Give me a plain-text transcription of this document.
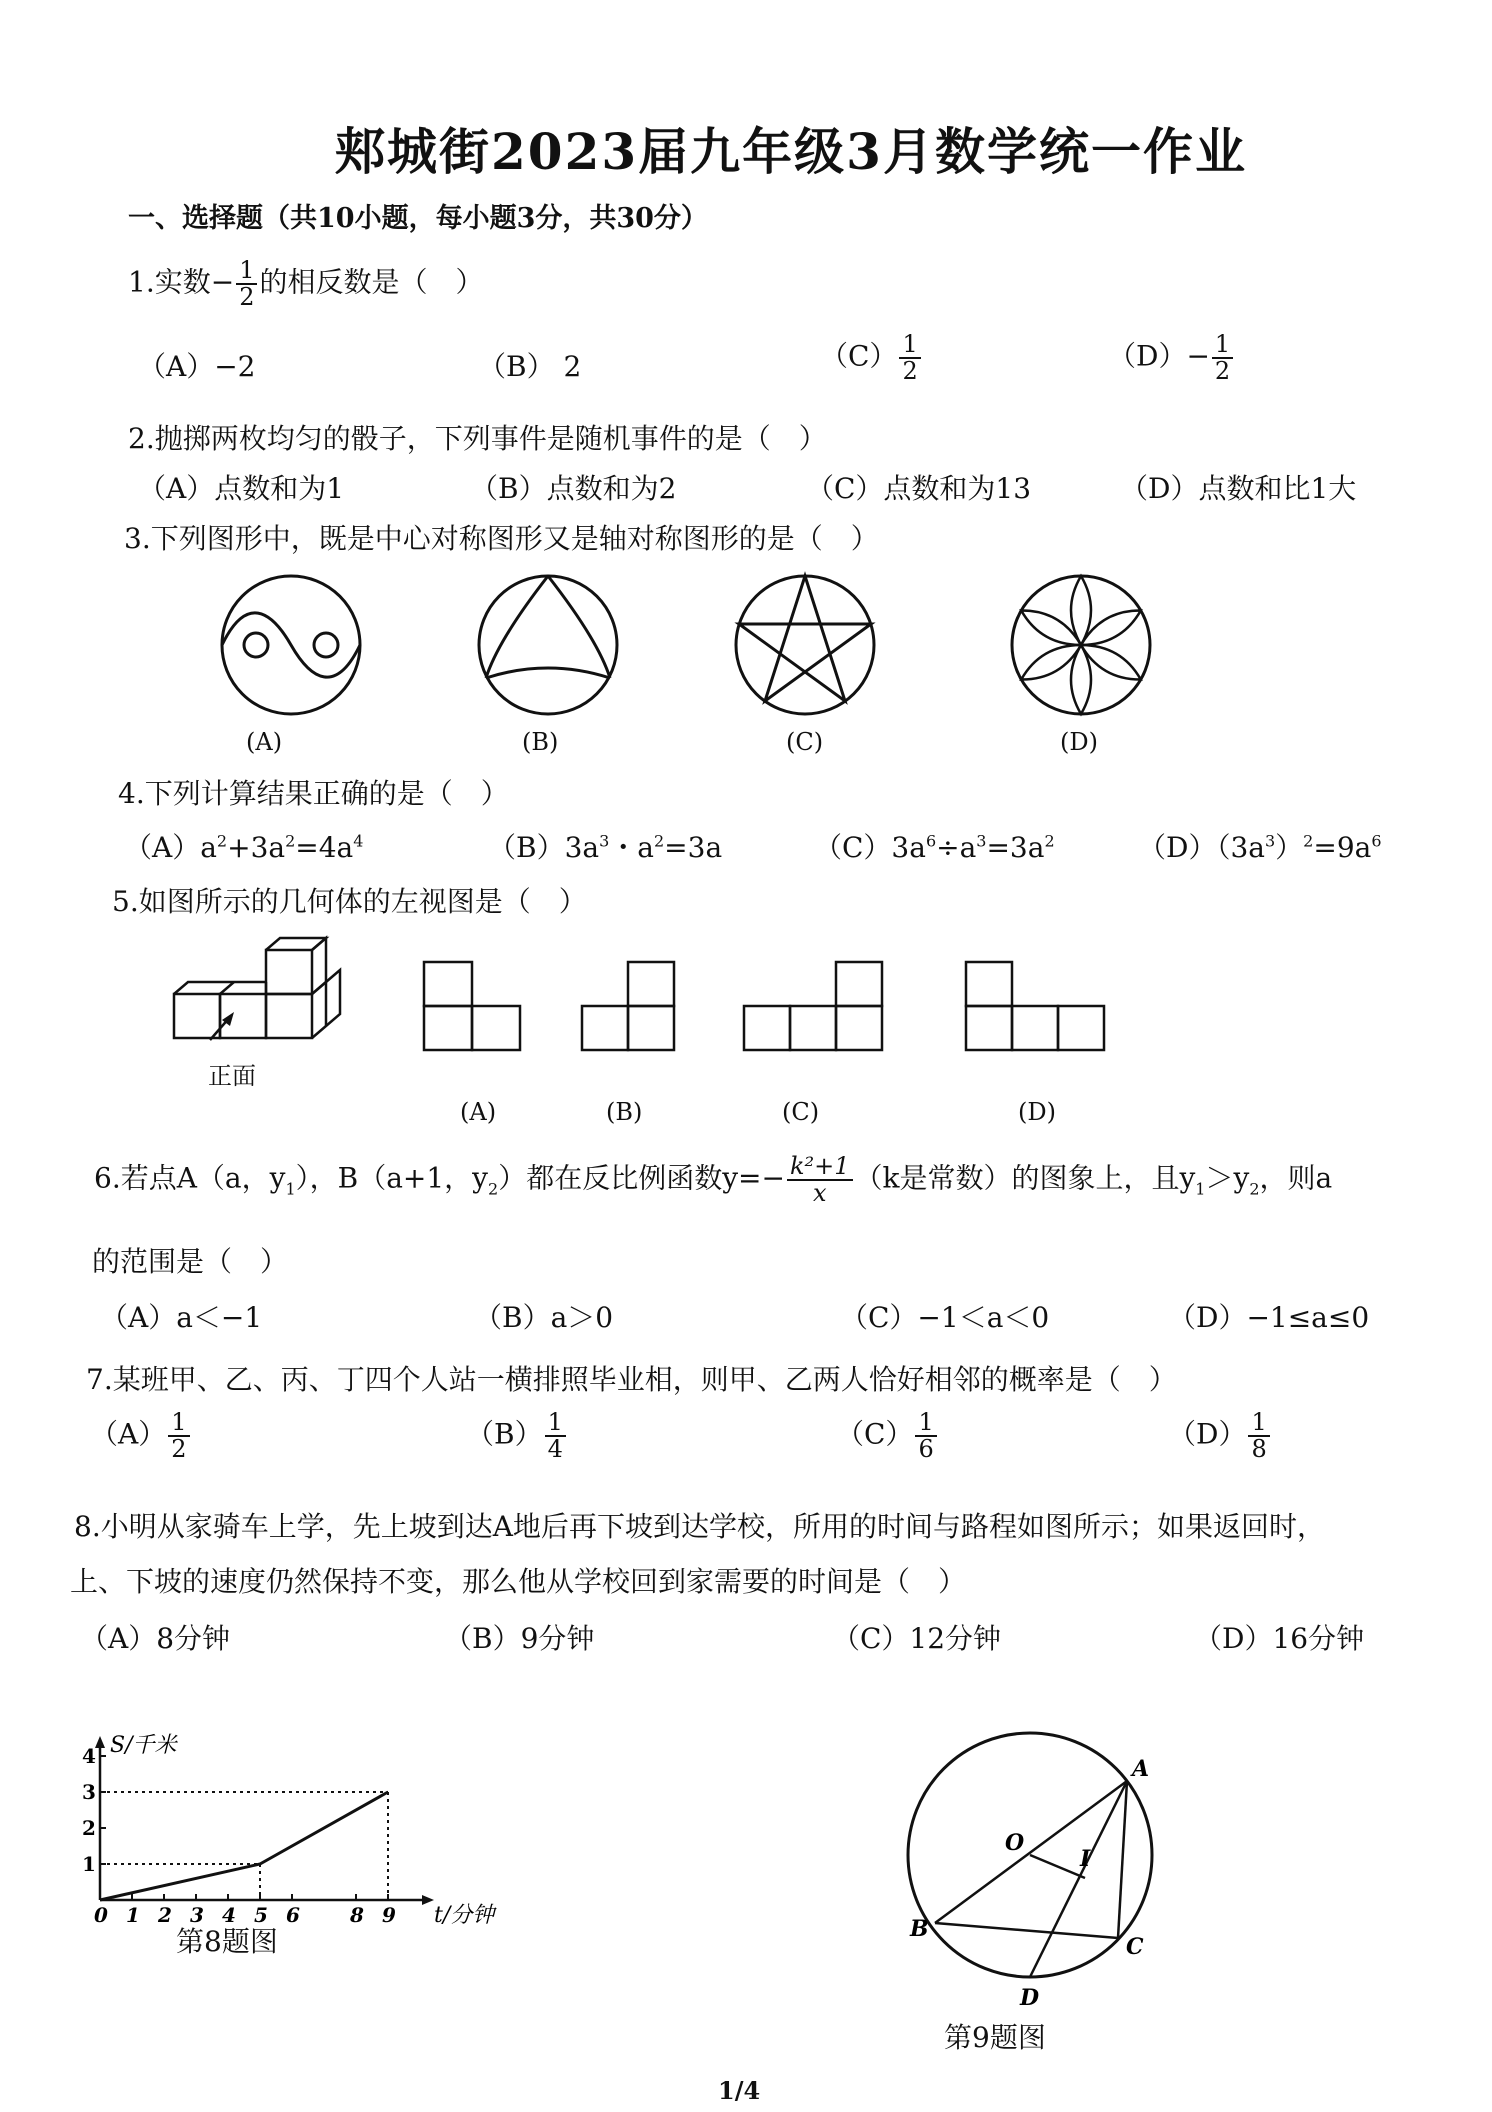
郏城街2023届九年级3月数学统一作业
一、选择题（共10小题，每小题3分，共30分）
1.实数− $\frac{1}{2}$ 的相反数是（　）
（A）−2	（B） 2	$(C) \frac{1}{2}$	$(D)- \frac{1}{2}$
2.抛掷两枚均匀的骰子，下列事件是随机事件的是（　）
（A）点数和为1	（B）点数和为2	（C）点数和为13	（D）点数和比1大
3.下列图形中，既是中心对称图形又是轴对称图形的是（　）
(A)	(B)	(C)	(D)
4.下列计算结果正确的是（　）
$(A)a^2+3a^2=4a^4$	$(B)3a^3$・$a^2=3a$	$(C)3a^6\div a^3=3a^2$	$(D)(3a^3)^2=9a^6$
5.如图所示的几何体的左视图是（　）
正面
(A)	(B)	(C)	(D)
6.若点A（a，$y_1$），B（a+1，$y_2$）都在反比例函数$y=- \frac{\text{k²+1}}{x} (k$是常数）的图象上，且$y_1>y_2$，则a
的范围是（　）
（A）a＜−1	（B）a＞0	（C）−1＜a＜0	（D）−1≤a≤0
7.某班甲、乙、丙、丁四个人站一横排照毕业相，则甲、乙两人恰好相邻的概率是（　）
$(A) \frac{1}{2}$	$(B) \frac{1}{4}$	$(C) \frac{1}{6}$	$(D) \frac{1}{8}$
8.小明从家骑车上学，先上坡到达A地后再下坡到达学校，所用的时间与路程如图所示；如果返回时，
上、下坡的速度仍然保持不变，那么他从学校回到家需要的时间是（　）
（A）8分钟	（B）9分钟	（C）12分钟	（D）16分钟
S/千米
t/分钟
0 1 2 3 4 5 6	8 9
1
2
3
4
第8题图
A
O
I
B
C
D
第9题图
1/4
